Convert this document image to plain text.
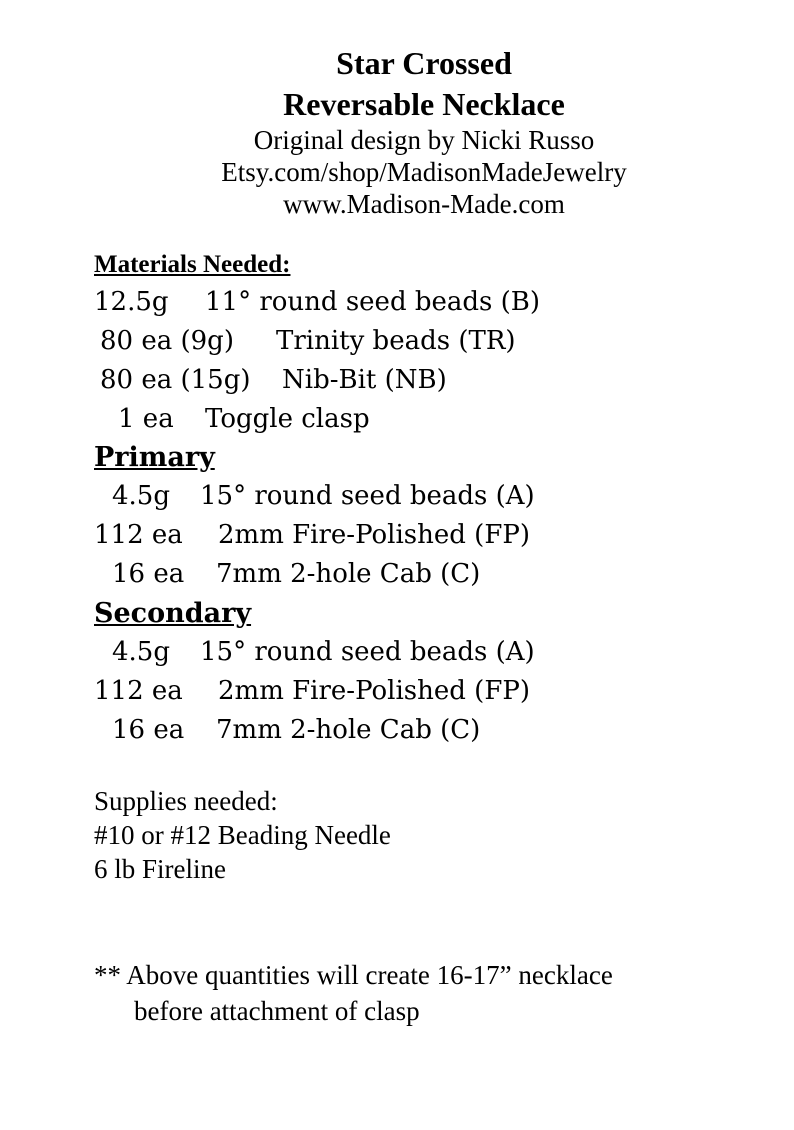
Star Crossed
Reversable Necklace
Original design by Nicki Russo
Etsy.com/shop/MadisonMadeJewelry
www.Madison-Made.com
Materials Needed:

12.5g

11° round seed beads (B)

80 ea (9g)

Trinity beads (TR)

80 ea (15g)

Nib-Bit (NB)

1 ea

Toggle clasp

Primary

4.5g

15° round seed beads (A)

112 ea

2mm Fire-Polished (FP)

16 ea

7mm 2-hole Cab (C)

Secondary

4.5g

15° round seed beads (A)

112 ea

2mm Fire-Polished (FP)

16 ea

7mm 2-hole Cab (C)

Supplies needed:
#10 or #12 Beading Needle
6 lb Fireline
** Above quantities will create 16-17” necklace
before attachment of clasp
